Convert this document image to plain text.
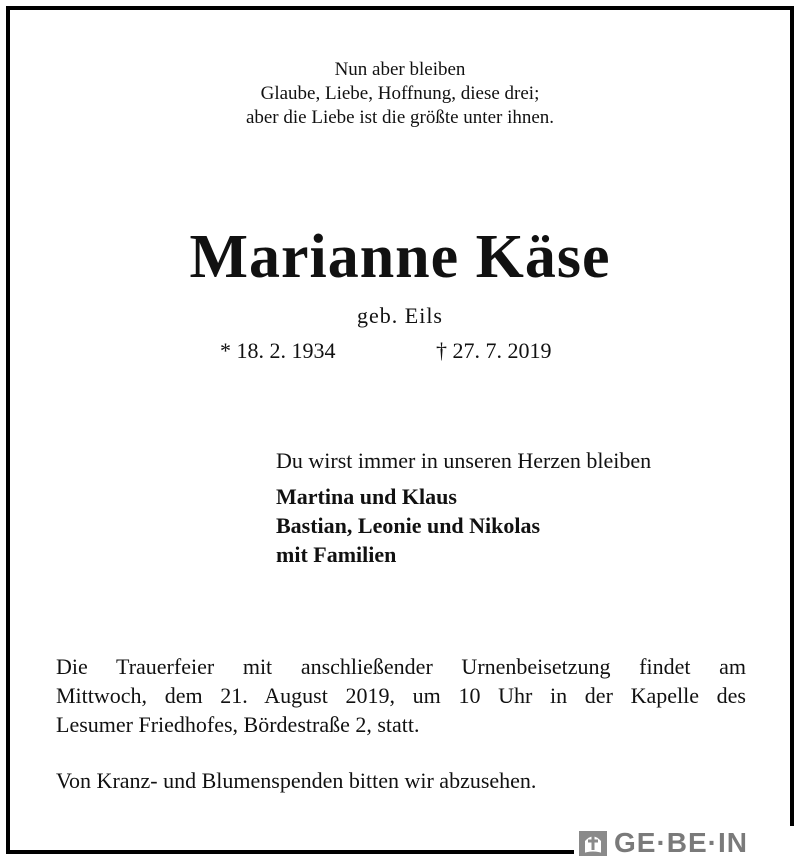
Nun aber bleiben
Glaube, Liebe, Hoffnung, diese drei;
aber die Liebe ist die größte unter ihnen.
Marianne Käse
geb. Eils
* 18. 2. 1934	† 27. 7. 2019
Du wirst immer in unseren Herzen bleiben
Martina und Klaus
Bastian, Leonie und Nikolas
mit Familien
Die Trauerfeier mit anschließender Urnenbeisetzung findet am
Mittwoch, dem 21. August 2019, um 10 Uhr in der Kapelle des
Lesumer Friedhofes, Bördestraße 2, statt.
Von Kranz- und Blumenspenden bitten wir abzusehen.
GE·BE·IN
